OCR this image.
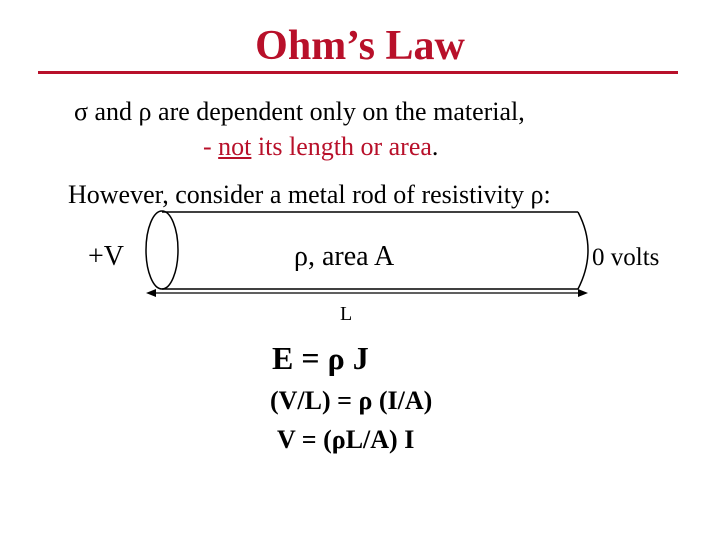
Ohm’s Law
σ and ρ are dependent only on the material,
- not its length or area.
However, consider a metal rod of resistivity ρ:
+V	ρ, area A	0 volts
L
E = ρ J
(V/L) = ρ (I/A)
V = (ρL/A) I
